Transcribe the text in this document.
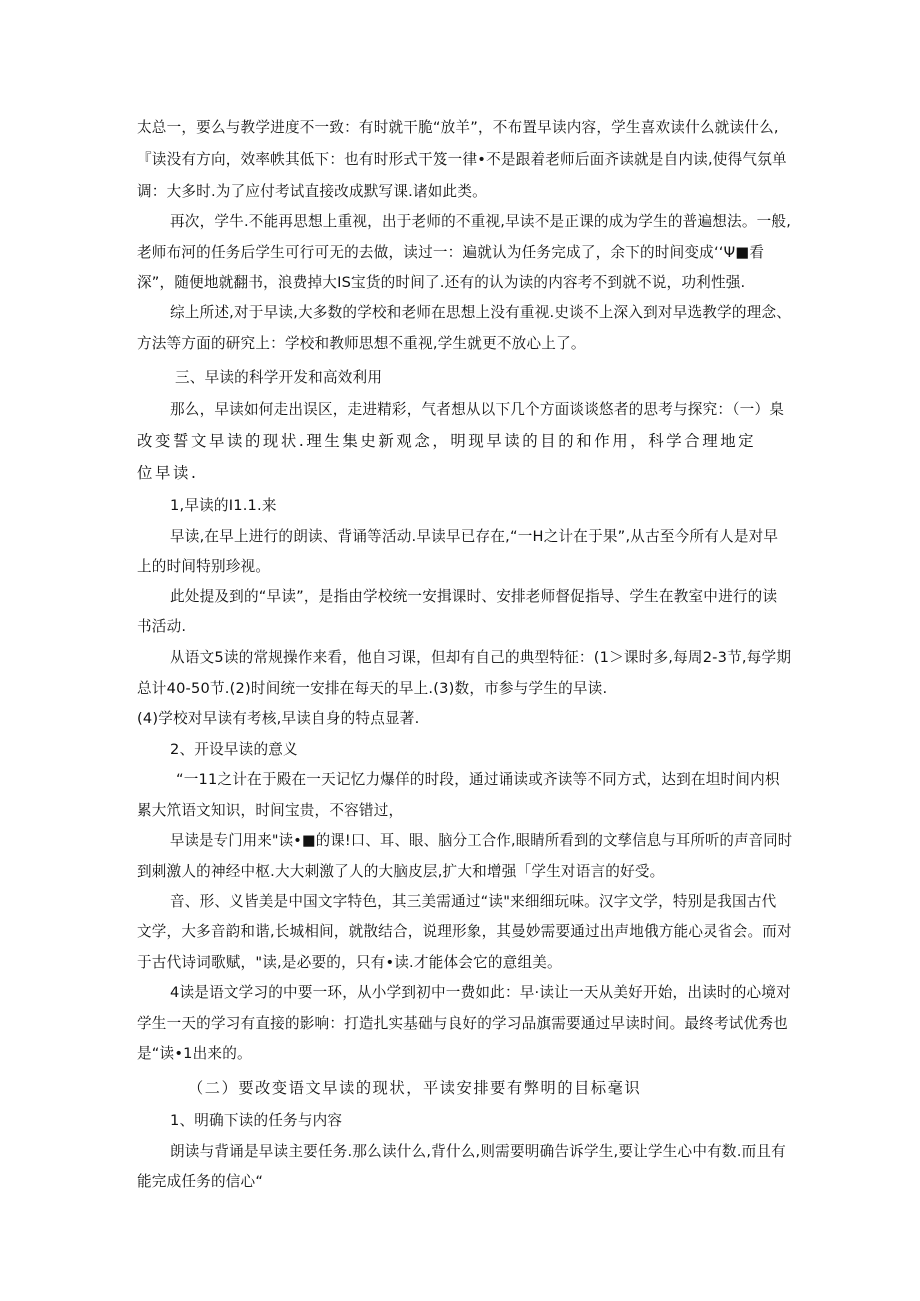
太总一，要么与教学进度不一致：有时就干脆“放羊”，不布置早读内容，学生喜欢读什么就读什么,

『读没有方向，效率帙其低下：也有时形式干笈一律•不是跟着老师后面齐读就是自内读,使得气氛单

调：大多时.为了应付考试直接改成默写课.诸如此类。

再次，学牛.不能再思想上重视，出于老师的不重视,早读不是正课的成为学生的普遍想法。一般,

老师布河的任务后学生可行可无的去做，读过一：遍就认为任务完成了，余下的时间变成‘‘Ψ■看

深”，随便地就翻书，浪费掉大IS宝货的时间了.还有的认为读的内容考不到就不说，功利性强.

综上所述,对于早读,大多数的学校和老师在思想上没有重视.史谈不上深入到对早选教学的理念、

方法等方面的研究上：学校和教师思想不重视,学生就更不放心上了。

三、早读的科学开发和高效利用

那么，早读如何走出误区，走进精彩，气者想从以下几个方面谈谈悠者的思考与探究：（一）臬

改变誓文早读的现状.理生集史新观念，明现早读的目的和作用，科学合理地定

位早读.

1,早读的I1.1.来

早读,在早上进行的朗读、背诵等活动.早读早已存在,“一H之计在于果”,从古至今所有人是对早

上的时间特别珍视。

此处提及到的“早读”，是指由学校统一安揖课时、安排老师督促指导、学生在教室中进行的读

书活动.

从语文5读的常规操作来看，他自习课，但却有自己的典型特征：(1＞课时多,每周2-3节,每学期

总计40-50节.(2)时间统一安排在每天的早上.(3)数，市参与学生的早读.

(4)学校对早读有考核,早读自身的特点显著.

2、开设早读的意义

“一11之计在于殿在一天记忆力爆佯的时段，通过诵读或齐读等不同方式，达到在坦时间内枳

累大笊语文知识，时间宝贵，不容错过，

早读是专门用来"读•■的课!口、耳、眼、脑分工合作,眼睛所看到的文孳信息与耳所听的声音同时

到刺激人的神经中枢.大大刺激了人的大脑皮层,扩大和增强「学生对语言的好受。

音、形、义皆美是中国文字特色，其三美需通过“读"来细细玩味。汉字文学，特别是我国古代

文学，大多音韵和谐,长城相间，就散结合，说理形象，其曼妙需要通过出声地俄方能心灵省会。而对

于古代诗词歌赋，"读,是必要的，只有•读.才能体会它的意组美。

4读是语文学习的中要一环，从小学到初中一费如此：早·读让一天从美好开始，出读时的心境对

学生一天的学习有直接的影响：打造扎实基础与良好的学习品旗需要通过早读时间。最终考试优秀也

是“读•1出来的。

（二）要改变语文早读的现状，平读安排要有弊明的目标毫识

1、明确下读的任务与内容

朗读与背诵是早读主要任务.那么读什么,背什么,则需要明确告诉学生,要让学生心中有数.而且有

能完成任务的信心“
